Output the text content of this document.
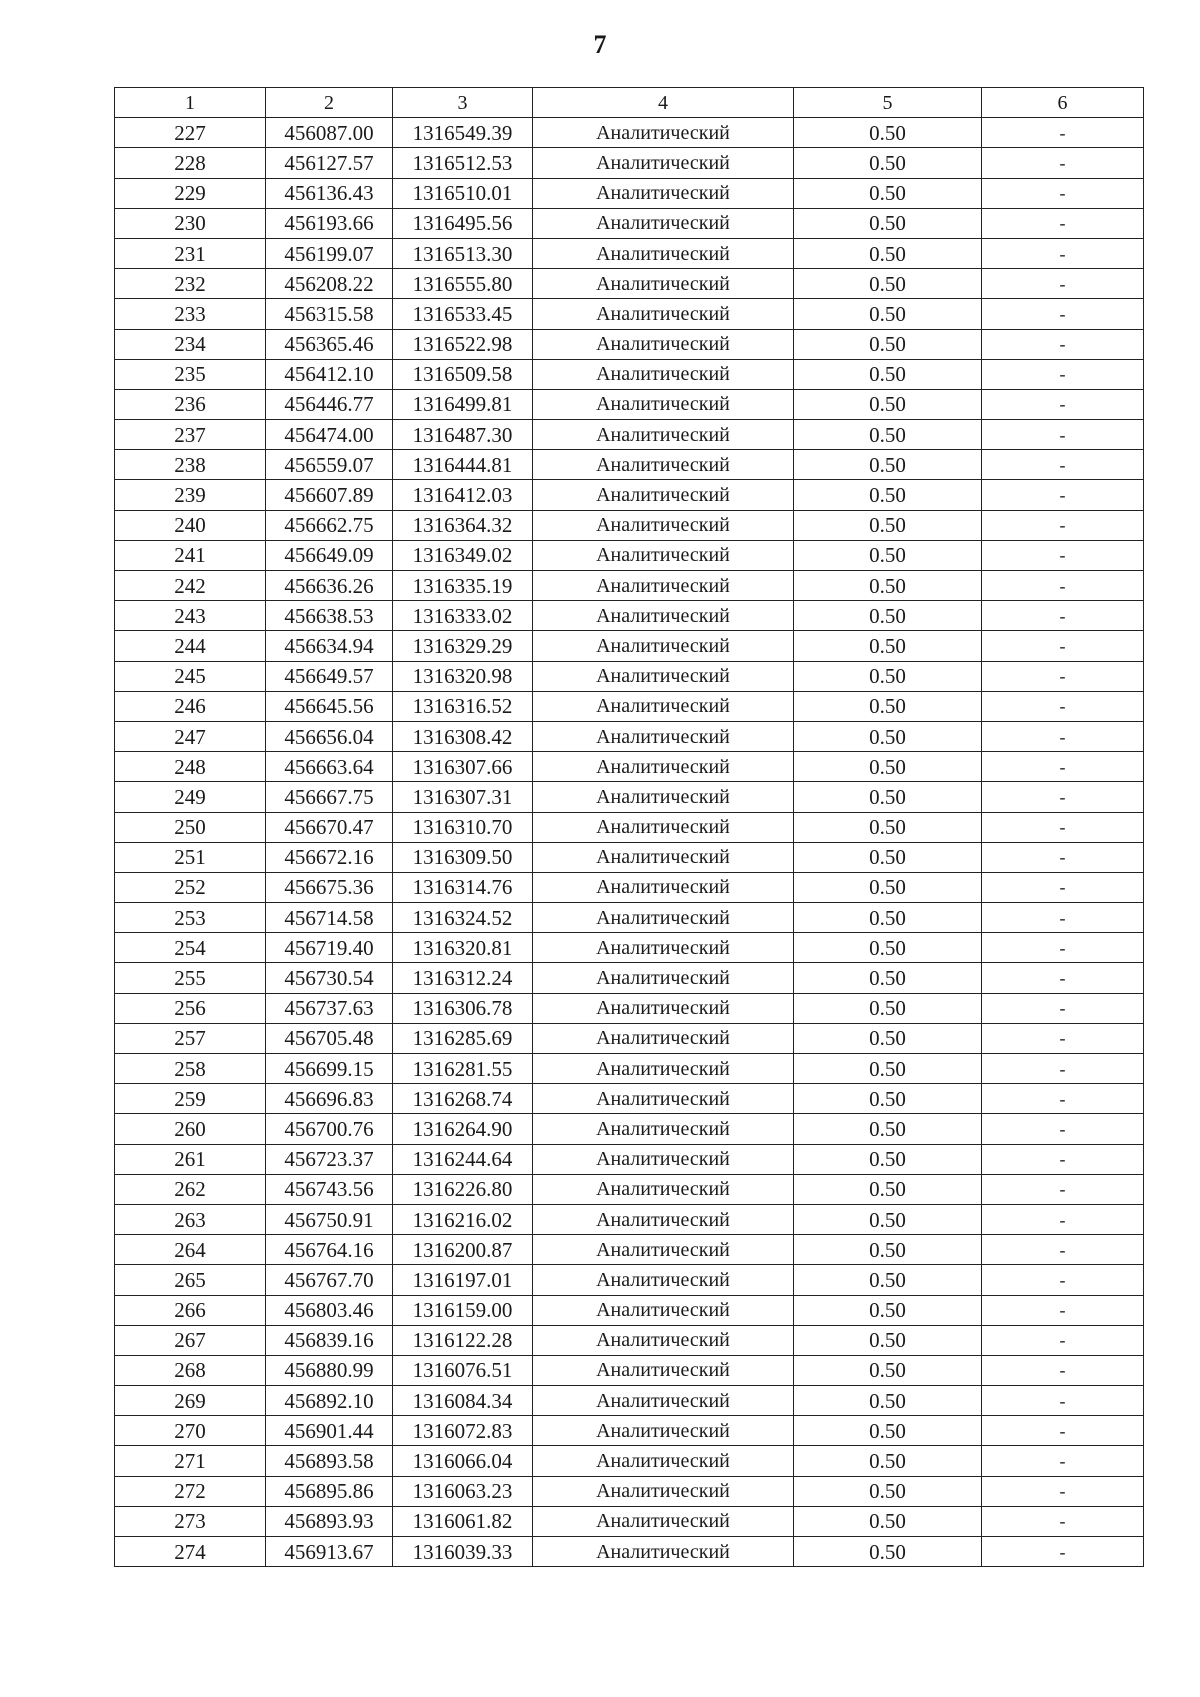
7
1	2	3	4	5	6
227	456087.00	1316549.39	Аналитический	0.50	-
228	456127.57	1316512.53	Аналитический	0.50	-
229	456136.43	1316510.01	Аналитический	0.50	-
230	456193.66	1316495.56	Аналитический	0.50	-
231	456199.07	1316513.30	Аналитический	0.50	-
232	456208.22	1316555.80	Аналитический	0.50	-
233	456315.58	1316533.45	Аналитический	0.50	-
234	456365.46	1316522.98	Аналитический	0.50	-
235	456412.10	1316509.58	Аналитический	0.50	-
236	456446.77	1316499.81	Аналитический	0.50	-
237	456474.00	1316487.30	Аналитический	0.50	-
238	456559.07	1316444.81	Аналитический	0.50	-
239	456607.89	1316412.03	Аналитический	0.50	-
240	456662.75	1316364.32	Аналитический	0.50	-
241	456649.09	1316349.02	Аналитический	0.50	-
242	456636.26	1316335.19	Аналитический	0.50	-
243	456638.53	1316333.02	Аналитический	0.50	-
244	456634.94	1316329.29	Аналитический	0.50	-
245	456649.57	1316320.98	Аналитический	0.50	-
246	456645.56	1316316.52	Аналитический	0.50	-
247	456656.04	1316308.42	Аналитический	0.50	-
248	456663.64	1316307.66	Аналитический	0.50	-
249	456667.75	1316307.31	Аналитический	0.50	-
250	456670.47	1316310.70	Аналитический	0.50	-
251	456672.16	1316309.50	Аналитический	0.50	-
252	456675.36	1316314.76	Аналитический	0.50	-
253	456714.58	1316324.52	Аналитический	0.50	-
254	456719.40	1316320.81	Аналитический	0.50	-
255	456730.54	1316312.24	Аналитический	0.50	-
256	456737.63	1316306.78	Аналитический	0.50	-
257	456705.48	1316285.69	Аналитический	0.50	-
258	456699.15	1316281.55	Аналитический	0.50	-
259	456696.83	1316268.74	Аналитический	0.50	-
260	456700.76	1316264.90	Аналитический	0.50	-
261	456723.37	1316244.64	Аналитический	0.50	-
262	456743.56	1316226.80	Аналитический	0.50	-
263	456750.91	1316216.02	Аналитический	0.50	-
264	456764.16	1316200.87	Аналитический	0.50	-
265	456767.70	1316197.01	Аналитический	0.50	-
266	456803.46	1316159.00	Аналитический	0.50	-
267	456839.16	1316122.28	Аналитический	0.50	-
268	456880.99	1316076.51	Аналитический	0.50	-
269	456892.10	1316084.34	Аналитический	0.50	-
270	456901.44	1316072.83	Аналитический	0.50	-
271	456893.58	1316066.04	Аналитический	0.50	-
272	456895.86	1316063.23	Аналитический	0.50	-
273	456893.93	1316061.82	Аналитический	0.50	-
274	456913.67	1316039.33	Аналитический	0.50	-
